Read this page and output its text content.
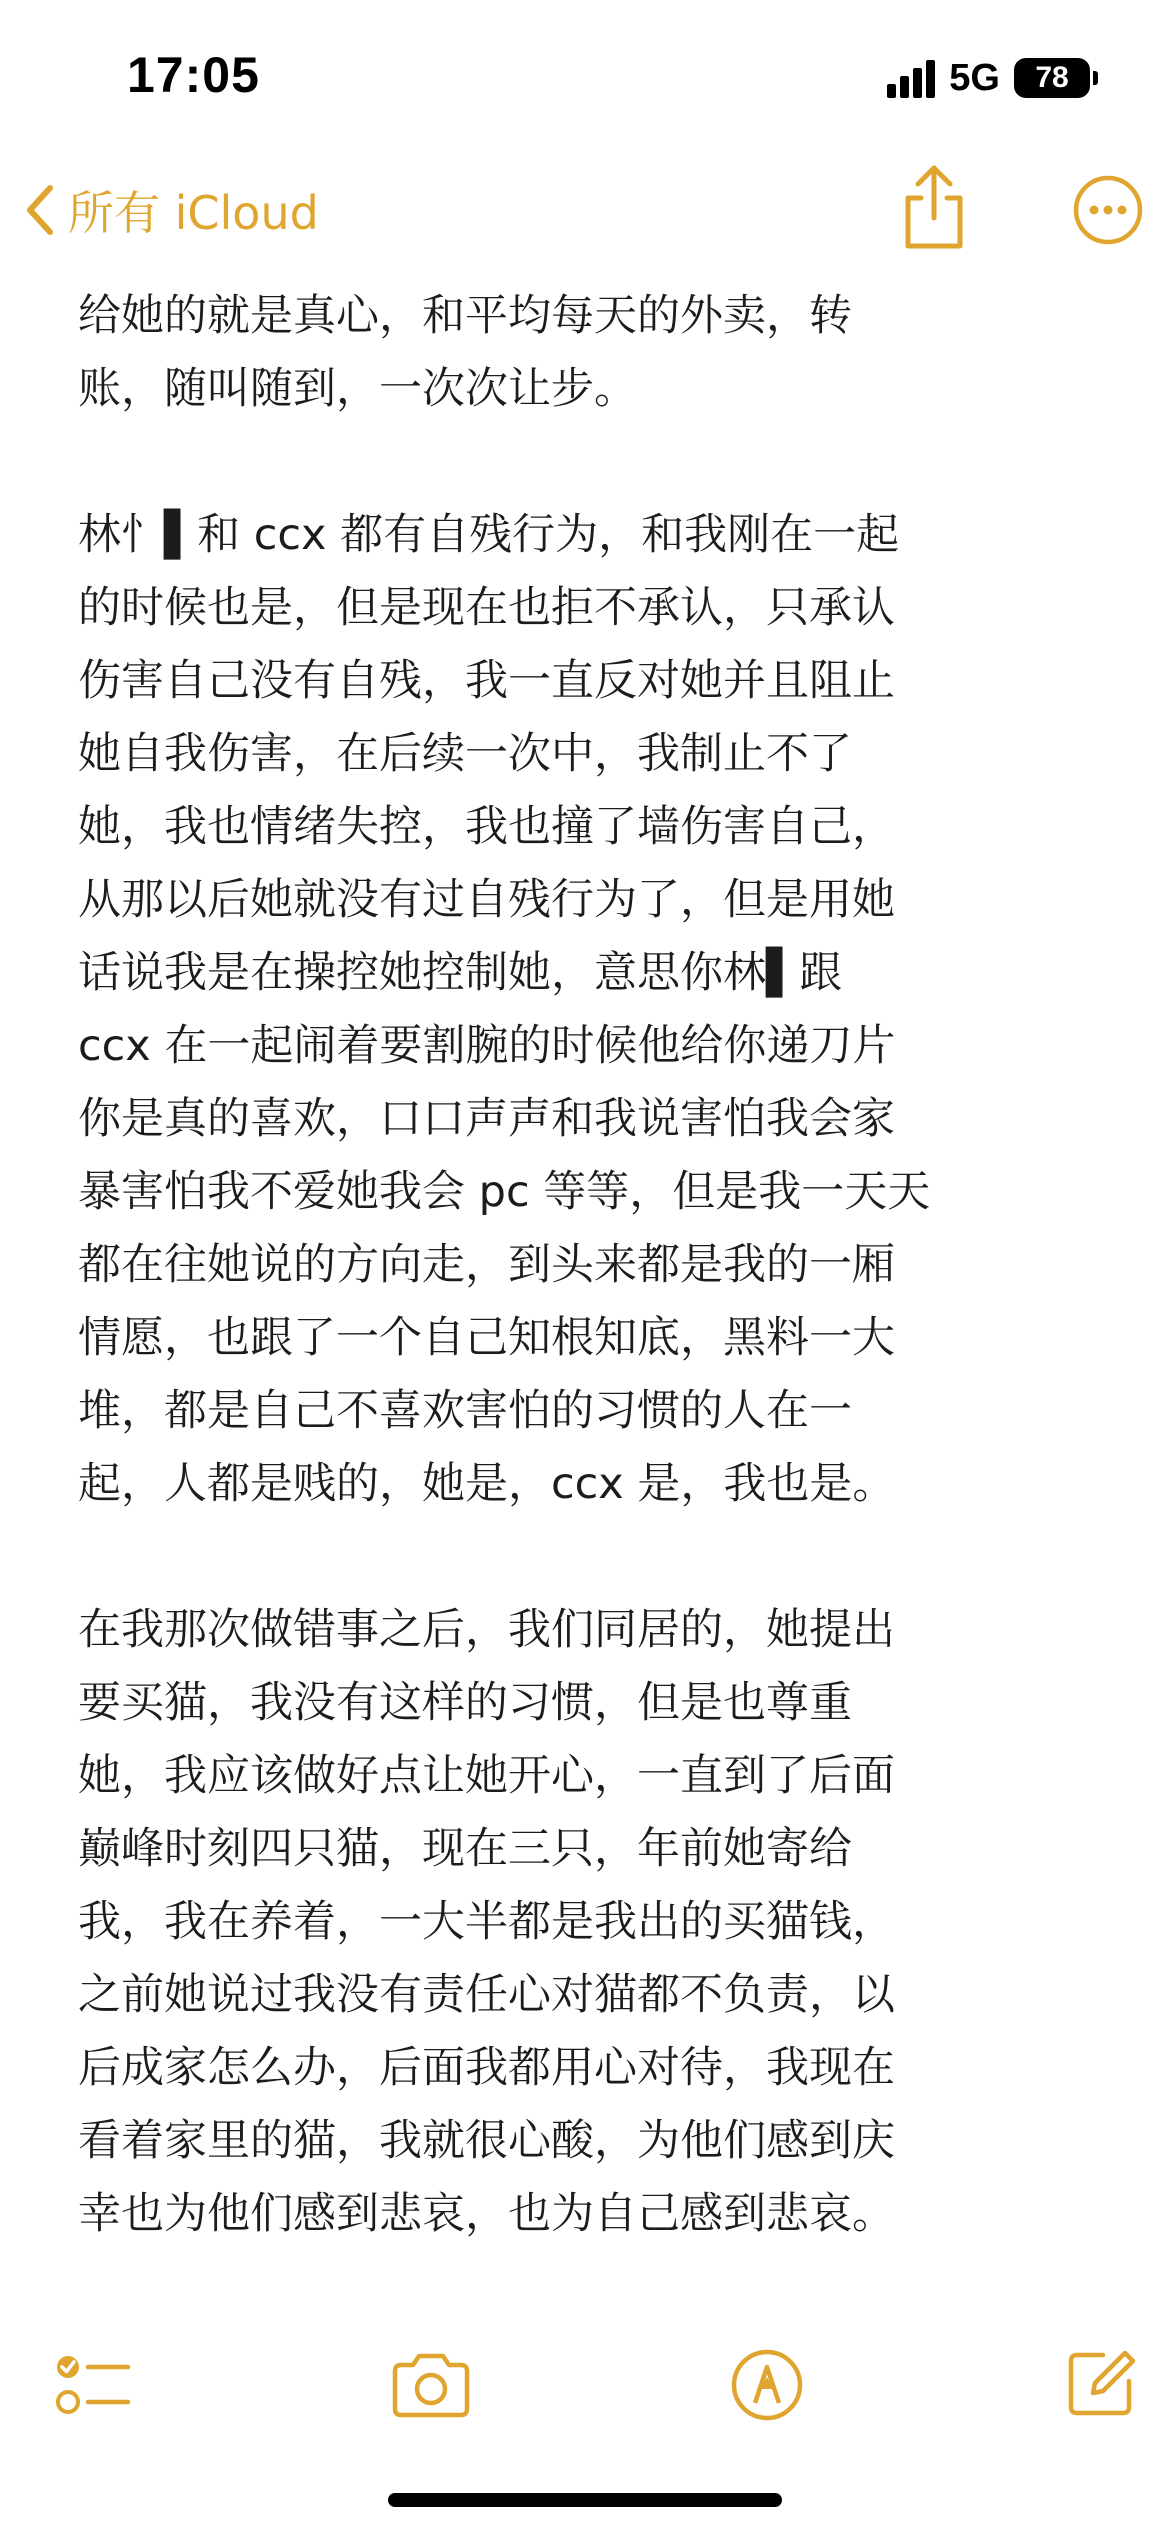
17:05	5G	78
所有 iCloud

给她的就是真心，和平均每天的外卖，转
账，随叫随到，一次次让步。

林忄▌和 ccx 都有自残行为，和我刚在一起
的时候也是，但是现在也拒不承认，只承认
伤害自己没有自残，我一直反对她并且阻止
她自我伤害，在后续一次中，我制止不了
她，我也情绪失控，我也撞了墙伤害自己，
从那以后她就没有过自残行为了，但是用她
话说我是在操控她控制她，意思你林▌跟
ccx 在一起闹着要割腕的时候他给你递刀片
你是真的喜欢，口口声声和我说害怕我会家
暴害怕我不爱她我会 pc 等等，但是我一天天
都在往她说的方向走，到头来都是我的一厢
情愿，也跟了一个自己知根知底，黑料一大
堆，都是自己不喜欢害怕的习惯的人在一
起，人都是贱的，她是，ccx 是，我也是。

在我那次做错事之后，我们同居的，她提出
要买猫，我没有这样的习惯，但是也尊重
她，我应该做好点让她开心，一直到了后面
巅峰时刻四只猫，现在三只，年前她寄给
我，我在养着，一大半都是我出的买猫钱，
之前她说过我没有责任心对猫都不负责，以
后成家怎么办，后面我都用心对待，我现在
看着家里的猫，我就很心酸，为他们感到庆
幸也为他们感到悲哀，也为自己感到悲哀。
